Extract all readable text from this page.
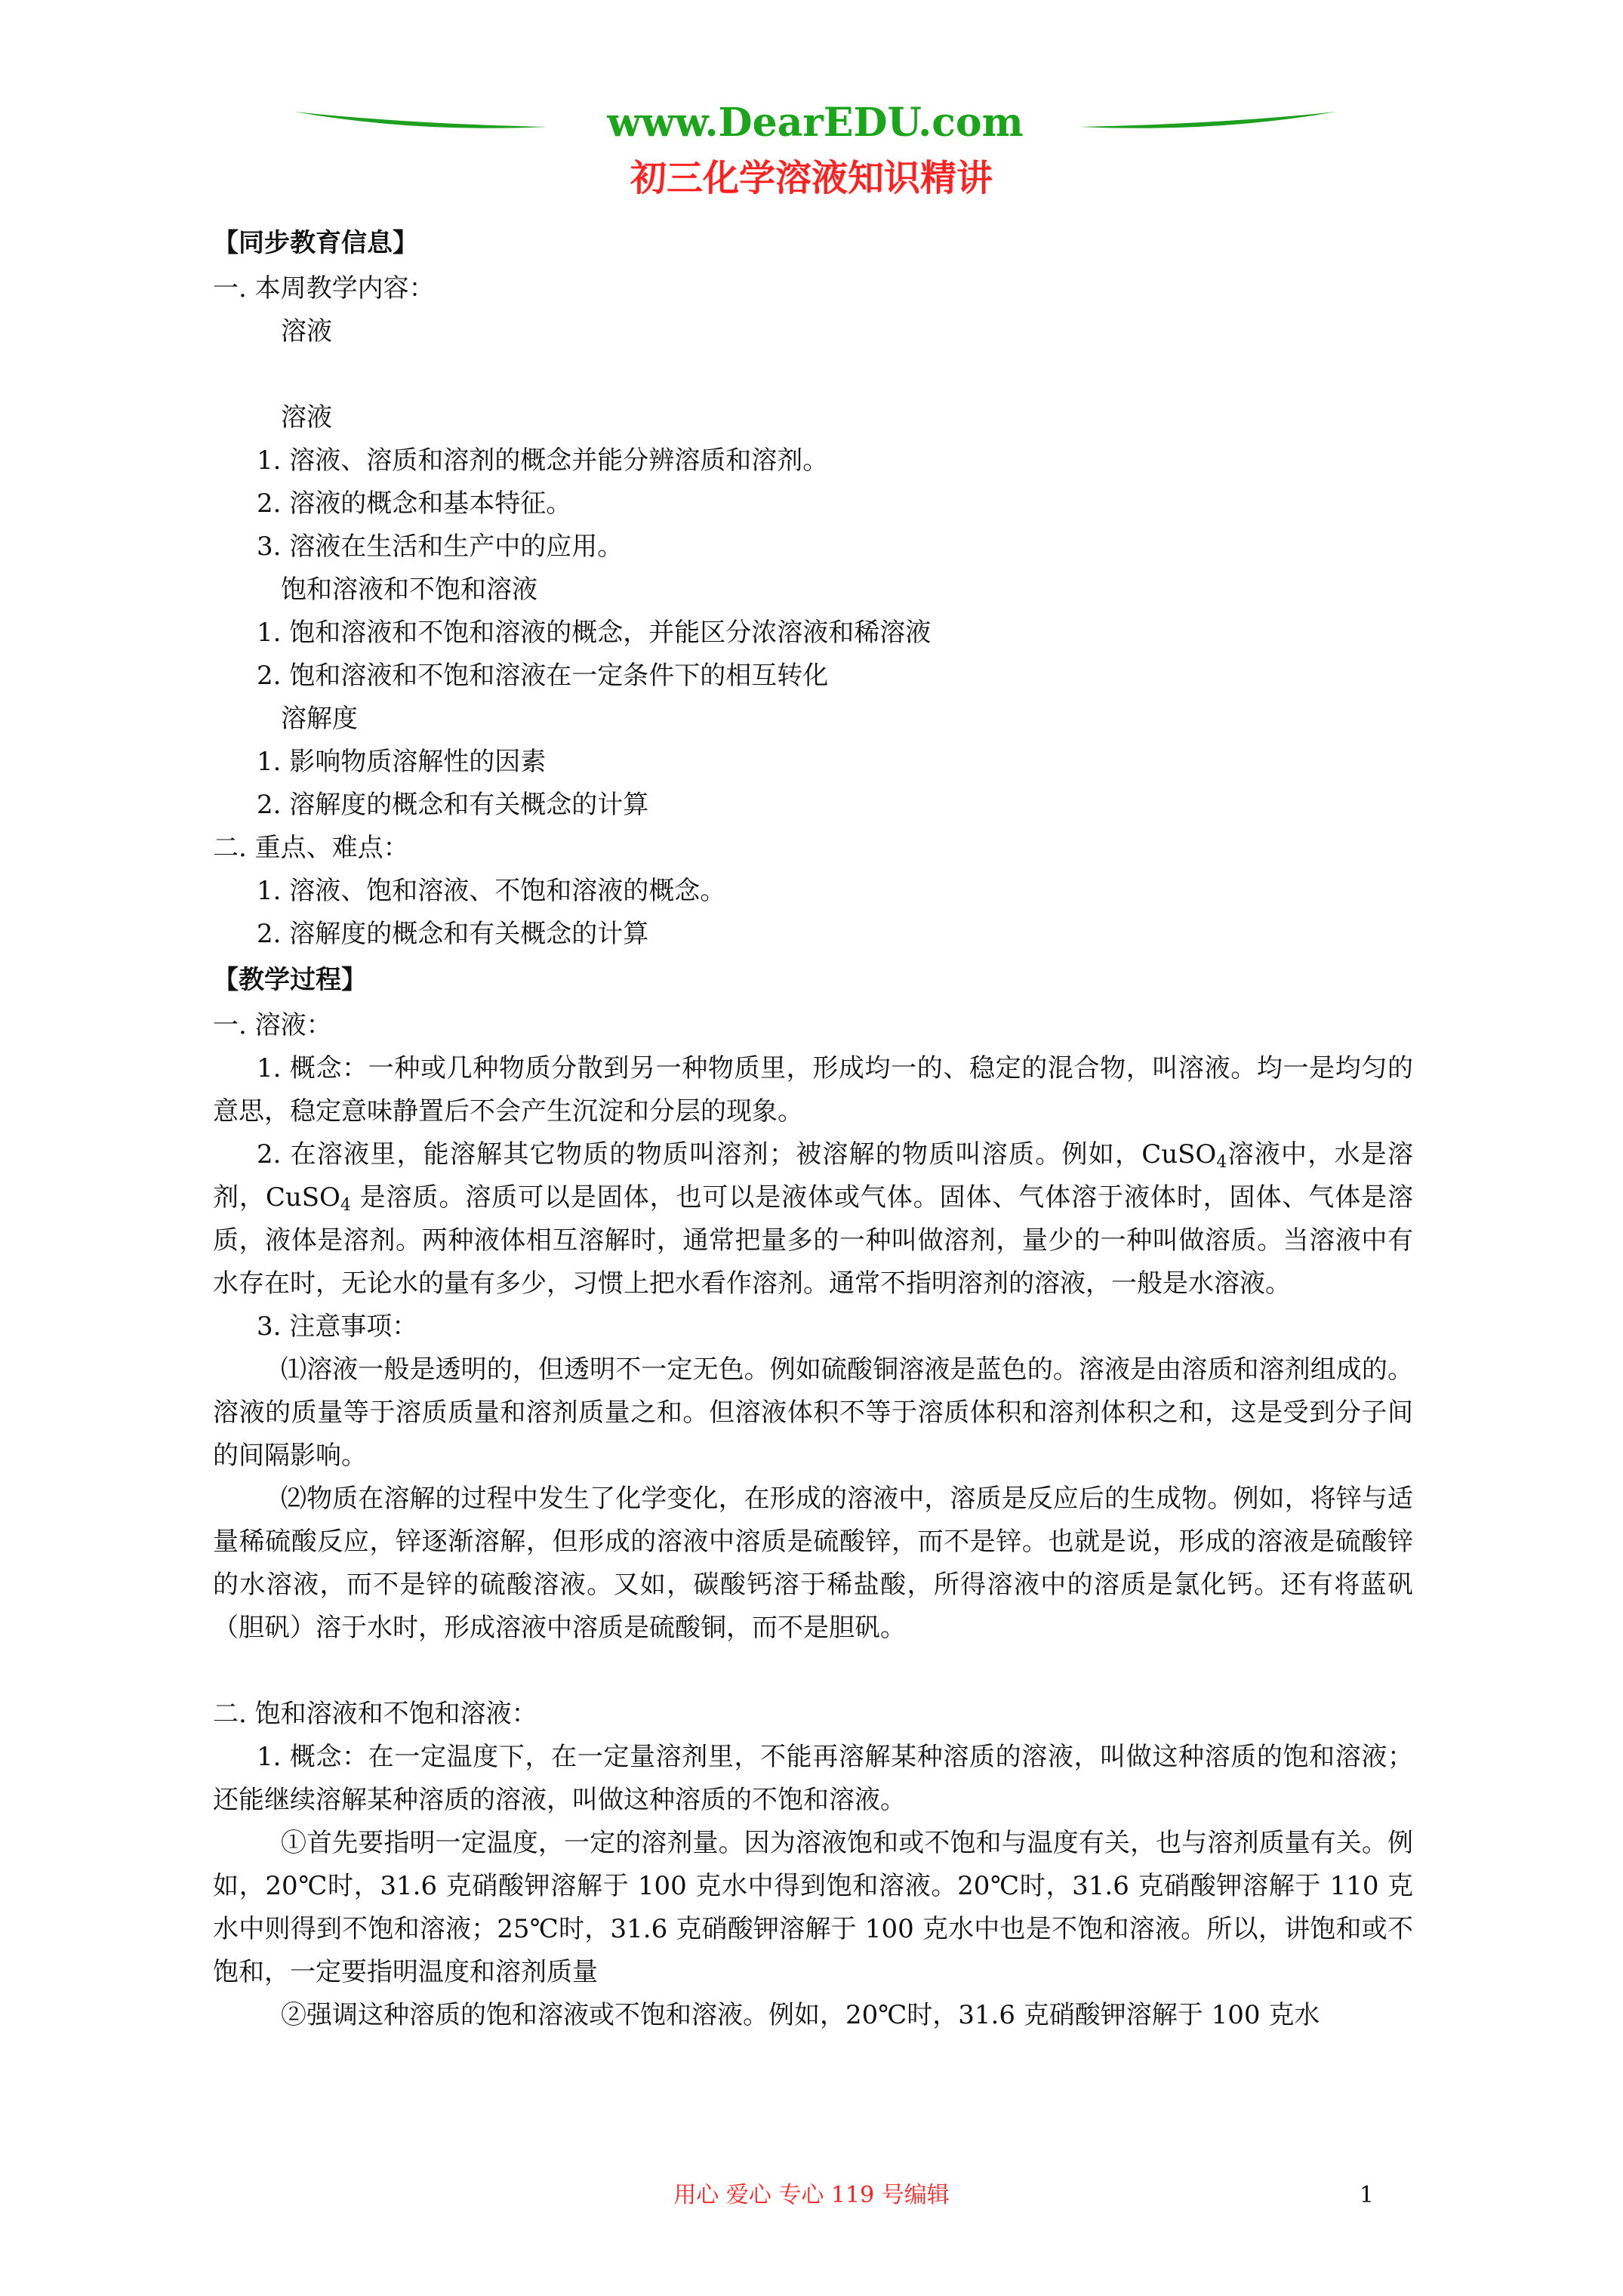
www.DearEDU.com
初三化学溶液知识精讲
【同步教育信息】
一. 本周教学内容：
溶液
溶液
1. 溶液、溶质和溶剂的概念并能分辨溶质和溶剂。
2. 溶液的概念和基本特征。
3. 溶液在生活和生产中的应用。
饱和溶液和不饱和溶液
1. 饱和溶液和不饱和溶液的概念，并能区分浓溶液和稀溶液
2. 饱和溶液和不饱和溶液在一定条件下的相互转化
溶解度
1. 影响物质溶解性的因素
2. 溶解度的概念和有关概念的计算
二. 重点、难点：
1. 溶液、饱和溶液、不饱和溶液的概念。
2. 溶解度的概念和有关概念的计算
【教学过程】
一. 溶液：
1. 概念：一种或几种物质分散到另一种物质里，形成均一的、稳定的混合物，叫溶液。均一是均匀的意思，稳定意味静置后不会产生沉淀和分层的现象。
2. 在溶液里，能溶解其它物质的物质叫溶剂；被溶解的物质叫溶质。例如，CuSO$_4$溶液中，水是溶剂，CuSO$_4$ 是溶质。溶质可以是固体，也可以是液体或气体。固体、气体溶于液体时，固体、气体是溶质，液体是溶剂。两种液体相互溶解时，通常把量多的一种叫做溶剂，量少的一种叫做溶质。当溶液中有水存在时，无论水的量有多少，习惯上把水看作溶剂。通常不指明溶剂的溶液，一般是水溶液。
3. 注意事项：
⑴溶液一般是透明的，但透明不一定无色。例如硫酸铜溶液是蓝色的。溶液是由溶质和溶剂组成的。溶液的质量等于溶质质量和溶剂质量之和。但溶液体积不等于溶质体积和溶剂体积之和，这是受到分子间的间隔影响。
⑵物质在溶解的过程中发生了化学变化，在形成的溶液中，溶质是反应后的生成物。例如，将锌与适量稀硫酸反应，锌逐渐溶解，但形成的溶液中溶质是硫酸锌，而不是锌。也就是说，形成的溶液是硫酸锌的水溶液，而不是锌的硫酸溶液。又如，碳酸钙溶于稀盐酸，所得溶液中的溶质是氯化钙。还有将蓝矾（胆矾）溶于水时，形成溶液中溶质是硫酸铜，而不是胆矾。
二. 饱和溶液和不饱和溶液：
1. 概念：在一定温度下，在一定量溶剂里，不能再溶解某种溶质的溶液，叫做这种溶质的饱和溶液；还能继续溶解某种溶质的溶液，叫做这种溶质的不饱和溶液。
①首先要指明一定温度，一定的溶剂量。因为溶液饱和或不饱和与温度有关，也与溶剂质量有关。例如，20℃时，31.6 克硝酸钾溶解于 100 克水中得到饱和溶液。20℃时，31.6 克硝酸钾溶解于 110 克水中则得到不饱和溶液；25℃时，31.6 克硝酸钾溶解于 100 克水中也是不饱和溶液。所以，讲饱和或不饱和，一定要指明温度和溶剂质量
②强调这种溶质的饱和溶液或不饱和溶液。例如，20℃时，31.6 克硝酸钾溶解于 100 克水
用心 爱心 专心 119 号编辑	1
